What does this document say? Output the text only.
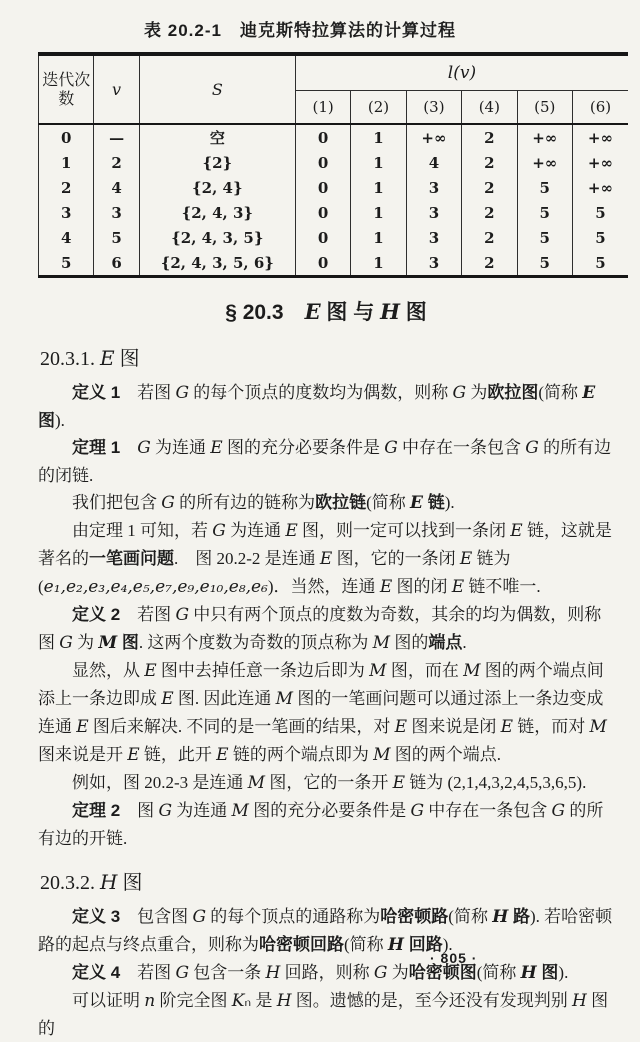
表 20.2-1　迪克斯特拉算法的计算过程
迭代次数	v	S	l(v)					
			(1)	(2)	(3)	(4)	(5)	(6)
0	—	空	0	1	+∞	2	+∞	+∞
1	2	{2}	0	1	4	2	+∞	+∞
2	4	{2, 4}	0	1	3	2	5	+∞
3	3	{2, 4, 3}	0	1	3	2	5	5
4	5	{2, 4, 3, 5}	0	1	3	2	5	5
5	6	{2, 4, 3, 5, 6}	0	1	3	2	5	5
§ 20.3　E 图 与 H 图
20.3.1. E 图

定义 1　若图 G 的每个顶点的度数均为偶数，则称 G 为欧拉图(简称 E 图).

定理 1　 G 为连通 E 图的充分必要条件是 G 中存在一条包含 G 的所有边的闭链.

我们把包含 G 的所有边的链称为欧拉链(简称 E 链).

由定理 1 可知，若 G 为连通 E 图，则一定可以找到一条闭 E 链，这就是著名的一笔画问题.　图 20.2-2 是连通 E 图，它的一条闭 E 链为 (e₁,e₂,e₃,e₄,e₅,e₇,e₉,e₁₀,e₈,e₆)．当然，连通 E 图的闭 E 链不唯一.

定义 2　若图 G 中只有两个顶点的度数为奇数，其余的均为偶数，则称图 G 为 M 图. 这两个度数为奇数的顶点称为 M 图的端点.

显然，从 E 图中去掉任意一条边后即为 M 图，而在 M 图的两个端点间添上一条边即成 E 图. 因此连通 M 图的一笔画问题可以通过添上一条边变成连通 E 图后来解决. 不同的是一笔画的结果，对 E 图来说是闭 E 链，而对 M 图来说是开 E 链，此开 E 链的两个端点即为 M 图的两个端点.

例如，图 20.2-3 是连通 M 图，它的一条开 E 链为 (2,1,4,3,2,4,5,3,6,5).

定理 2　图 G 为连通 M 图的充分必要条件是 G 中存在一条包含 G 的所有边的开链.

20.3.2. H 图

定义 3　包含图 G 的每个顶点的通路称为哈密顿路(简称 H 路). 若哈密顿路的起点与终点重合，则称为哈密顿回路(简称 H 回路).

定义 4　若图 G 包含一条 H 回路，则称 G 为哈密顿图(简称 H 图).

可以证明 n 阶完全图 Kₙ 是 H 图。遗憾的是，至今还没有发现判别 H 图的

· 805 ·
